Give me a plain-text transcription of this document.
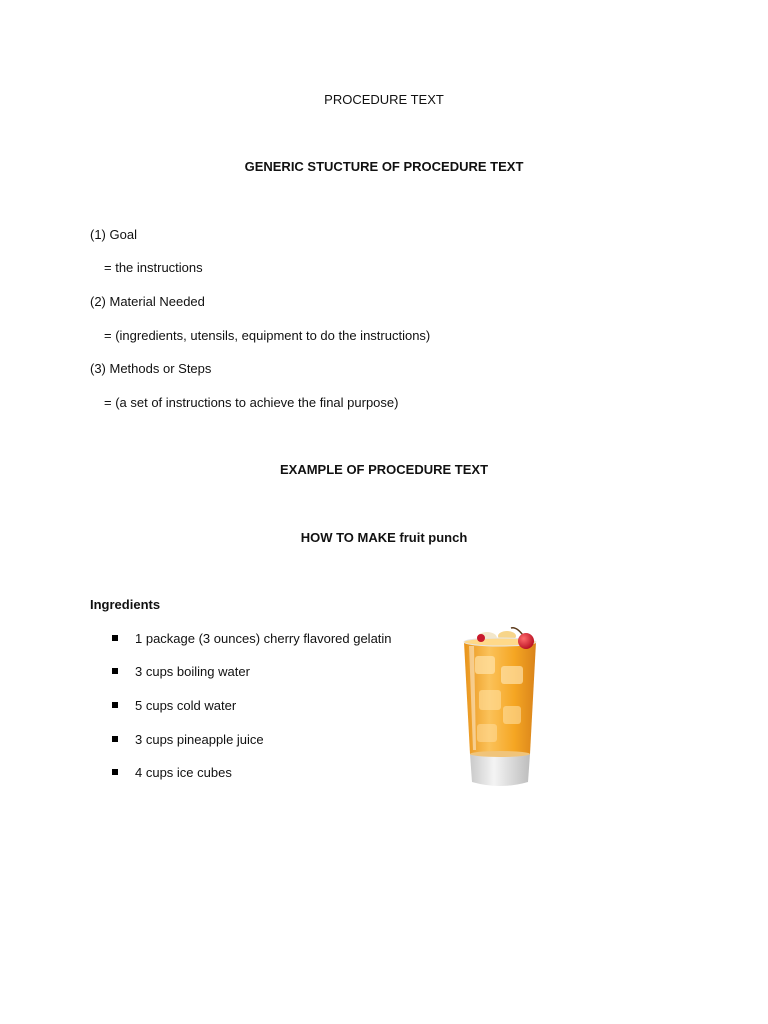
PROCEDURE TEXT
GENERIC STUCTURE OF PROCEDURE TEXT
(1) Goal
= the instructions
(2) Material Needed
= (ingredients, utensils, equipment to do the instructions)
(3) Methods or Steps
= (a set of instructions to achieve the final purpose)
EXAMPLE OF PROCEDURE TEXT
HOW TO MAKE fruit punch
Ingredients
1 package (3 ounces) cherry flavored gelatin
3 cups boiling water
5 cups cold water
3 cups pineapple juice
4 cups ice cubes
